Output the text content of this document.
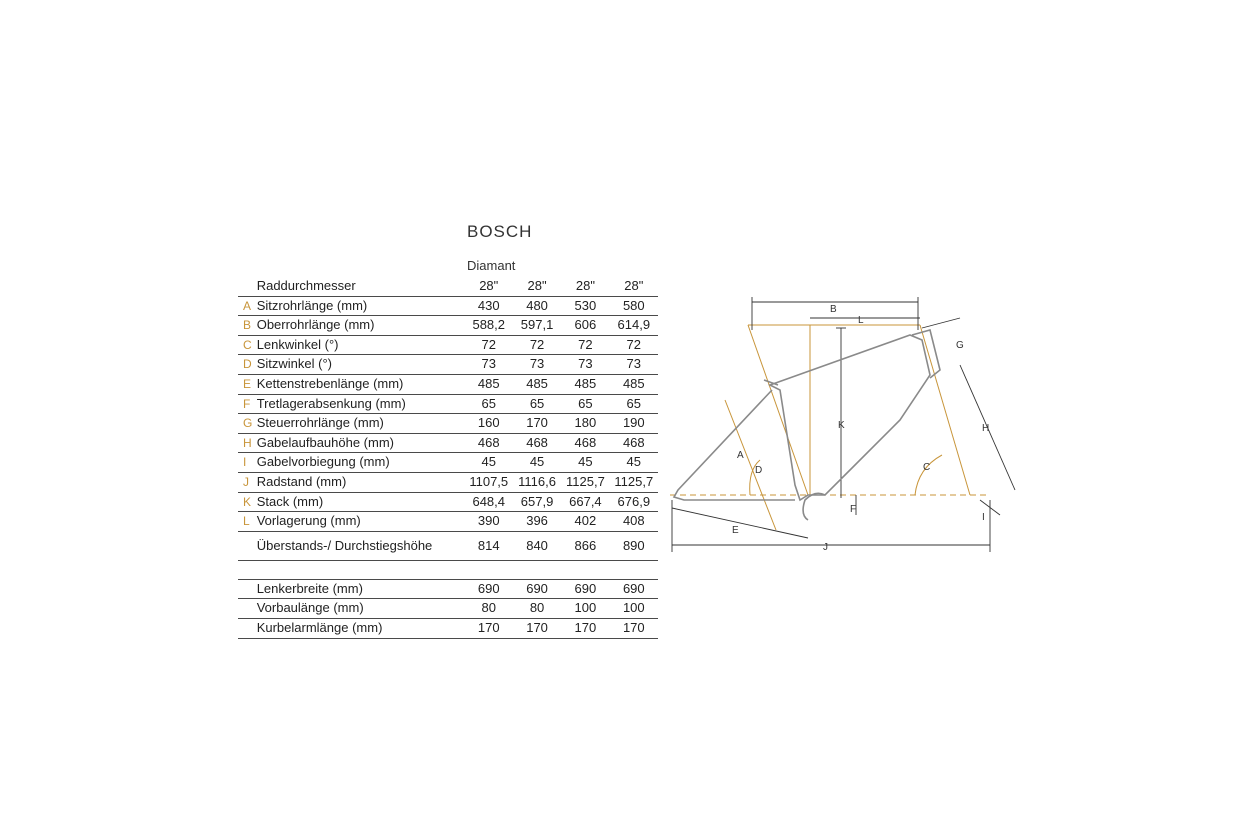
BOSCH
Diamant
	Raddurchmesser	28"	28"	28"	28"
A	Sitzrohrlänge (mm)	430	480	530	580
B	Oberrohrlänge (mm)	588,2	597,1	606	614,9
C	Lenkwinkel (°)	72	72	72	72
D	Sitzwinkel (°)	73	73	73	73
E	Kettenstrebenlänge (mm)	485	485	485	485
F	Tretlagerabsenkung (mm)	65	65	65	65
G	Steuerrohrlänge (mm)	160	170	180	190
H	Gabelaufbauhöhe (mm)	468	468	468	468
I	Gabelvorbiegung (mm)	45	45	45	45
J	Radstand (mm)	1107,5	1116,6	1125,7	1125,7
K	Stack (mm)	648,4	657,9	667,4	676,9
L	Vorlagerung (mm)	390	396	402	408
	Überstands-/ Durchstiegshöhe	814	840	866	890

	Lenkerbreite (mm)	690	690	690	690
	Vorbaulänge (mm)	80	80	100	100
	Kurbelarmlänge (mm)	170	170	170	170
B
L
G
H
K
A
D	C
F
E
J
I
